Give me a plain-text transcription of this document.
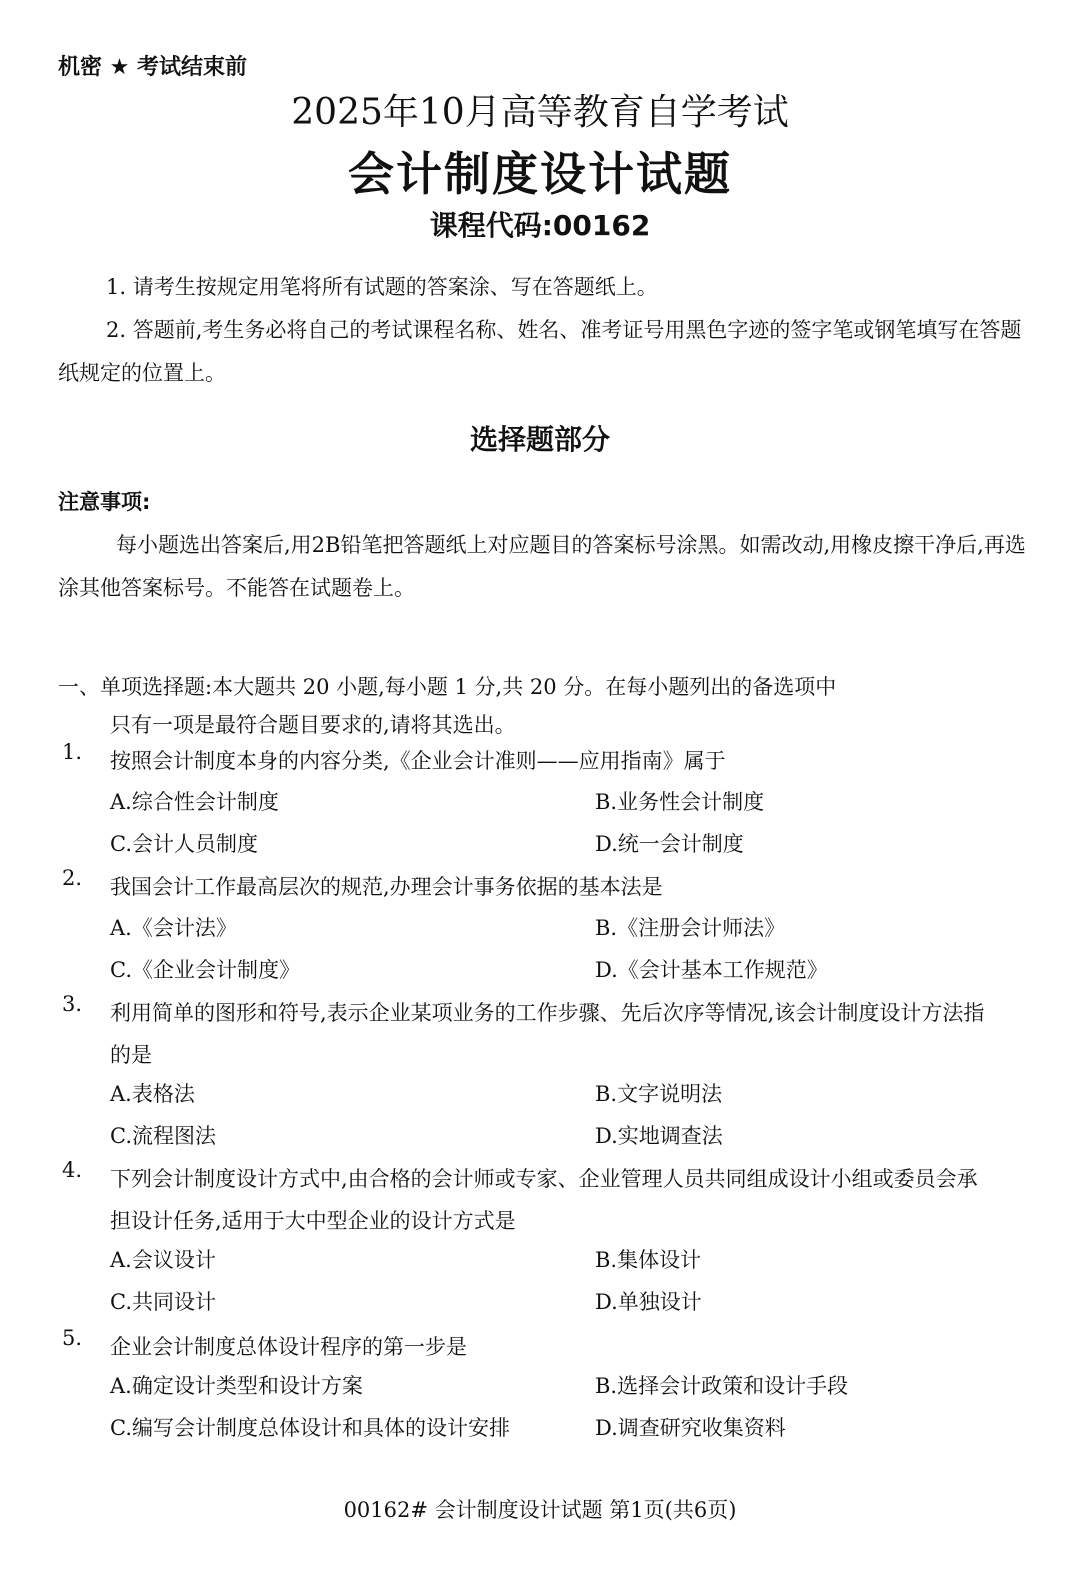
机密 ★ 考试结束前
2025年10月高等教育自学考试
会计制度设计试题
课程代码:00162

1. 请考生按规定用笔将所有试题的答案涂、写在答题纸上。

2. 答题前,考生务必将自己的考试课程名称、姓名、准考证号用黑色字迹的签字笔或钢笔填写在答题纸规定的位置上。

选择题部分
注意事项:
每小题选出答案后,用2B铅笔把答题纸上对应题目的答案标号涂黑。如需改动,用橡皮擦干净后,再选涂其他答案标号。不能答在试题卷上。
一、单项选择题:本大题共 20 小题,每小题 1 分,共 20 分。在每小题列出的备选项中
只有一项是最符合题目要求的,请将其选出。
1. 按照会计制度本身的内容分类,《企业会计准则——应用指南》属于
A.综合性会计制度	B.业务性会计制度
C.会计人员制度	D.统一会计制度
2. 我国会计工作最高层次的规范,办理会计事务依据的基本法是
A.《会计法》	B.《注册会计师法》
C.《企业会计制度》	D.《会计基本工作规范》
3. 利用简单的图形和符号,表示企业某项业务的工作步骤、先后次序等情况,该会计制度设计方法指的是
A.表格法	B.文字说明法
C.流程图法	D.实地调查法
4. 下列会计制度设计方式中,由合格的会计师或专家、企业管理人员共同组成设计小组或委员会承担设计任务,适用于大中型企业的设计方式是
A.会议设计	B.集体设计
C.共同设计	D.单独设计
5. 企业会计制度总体设计程序的第一步是
A.确定设计类型和设计方案	B.选择会计政策和设计手段
C.编写会计制度总体设计和具体的设计安排	D.调查研究收集资料
00162# 会计制度设计试题 第1页(共6页)
